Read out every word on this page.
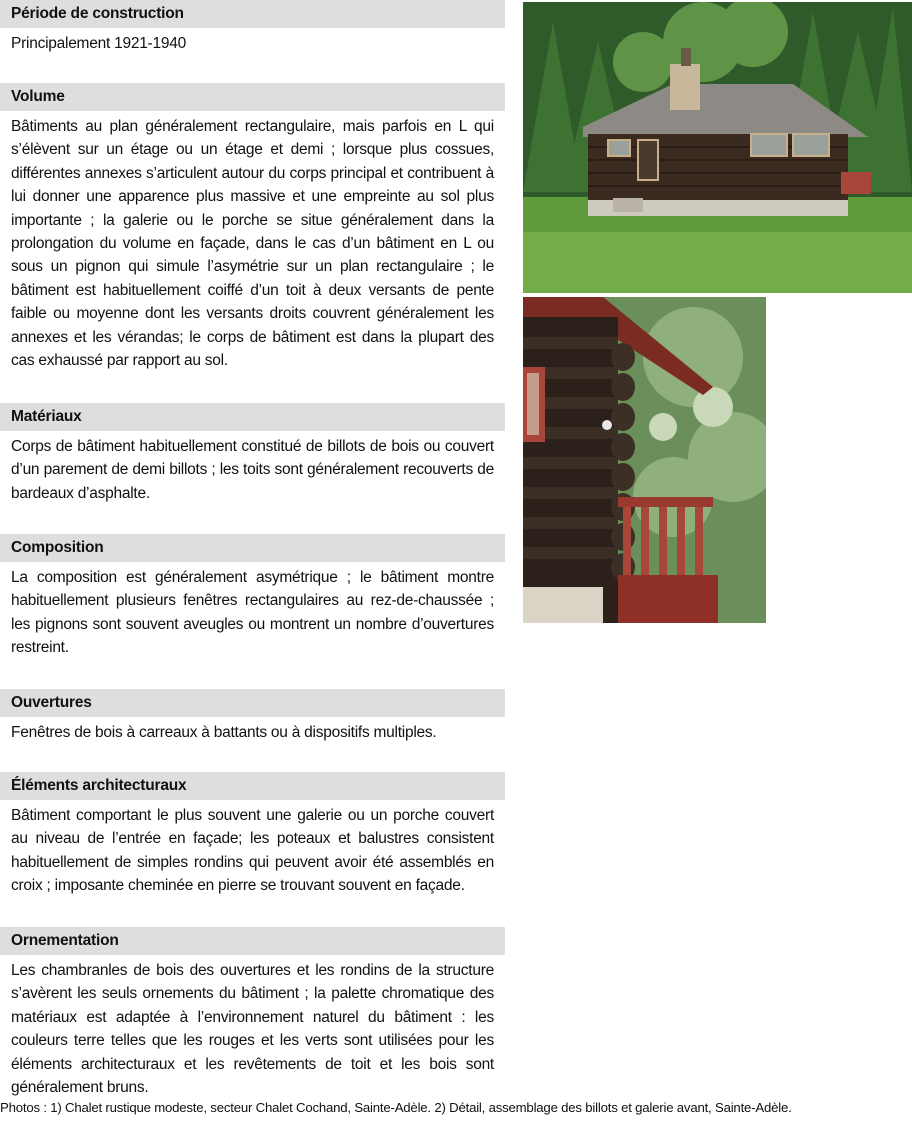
Période de construction
Principalement 1921-1940
Volume
Bâtiments au plan généralement rectangulaire, mais parfois en L qui s’élèvent sur un étage ou un étage et demi ; lorsque plus cossues, différentes annexes s’articulent autour du corps principal et contribuent à lui donner une apparence plus massive et une empreinte au sol plus importante ; la galerie ou le porche se situe généralement dans la prolongation du volume en façade, dans le cas d’un bâtiment en L ou sous un pignon qui simule l’asymétrie sur un plan rectangulaire ; le bâtiment est habituellement coiffé d’un toit à deux versants de pente faible ou moyenne dont les versants droits couvrent généralement les annexes et les vérandas; le corps de bâtiment est dans la plupart des cas exhaussé par rapport au sol.
Matériaux
Corps de bâtiment habituellement constitué de billots de bois ou couvert d’un parement de demi billots ; les toits sont généralement recouverts de bardeaux d’asphalte.
Composition
La composition est généralement asymétrique ; le bâtiment montre habituellement plusieurs fenêtres rectangulaires au rez-de-chaussée ; les pignons sont souvent aveugles ou montrent un nombre d’ouvertures restreint.
Ouvertures
Fenêtres de bois à carreaux à battants ou à dispositifs multiples.
Éléments architecturaux
Bâtiment comportant le plus souvent une galerie ou un porche couvert au niveau de l’entrée en façade; les poteaux et balustres consistent habituellement de simples rondins qui peuvent avoir été assemblés en croix ; imposante cheminée en pierre se trouvant souvent en façade.
Ornementation
Les chambranles de bois des ouvertures et les rondins de la structure s’avèrent les seuls ornements du bâtiment ; la palette chromatique des matériaux est adaptée à l’environnement naturel du bâtiment : les couleurs terre telles que les rouges et les verts sont utilisées pour les éléments architecturaux et les revêtements de toit et les bois sont généralement bruns.
Photos : 1) Chalet rustique modeste, secteur Chalet Cochand, Sainte-Adèle. 2) Détail, assemblage des billots et galerie avant, Sainte-Adèle.
